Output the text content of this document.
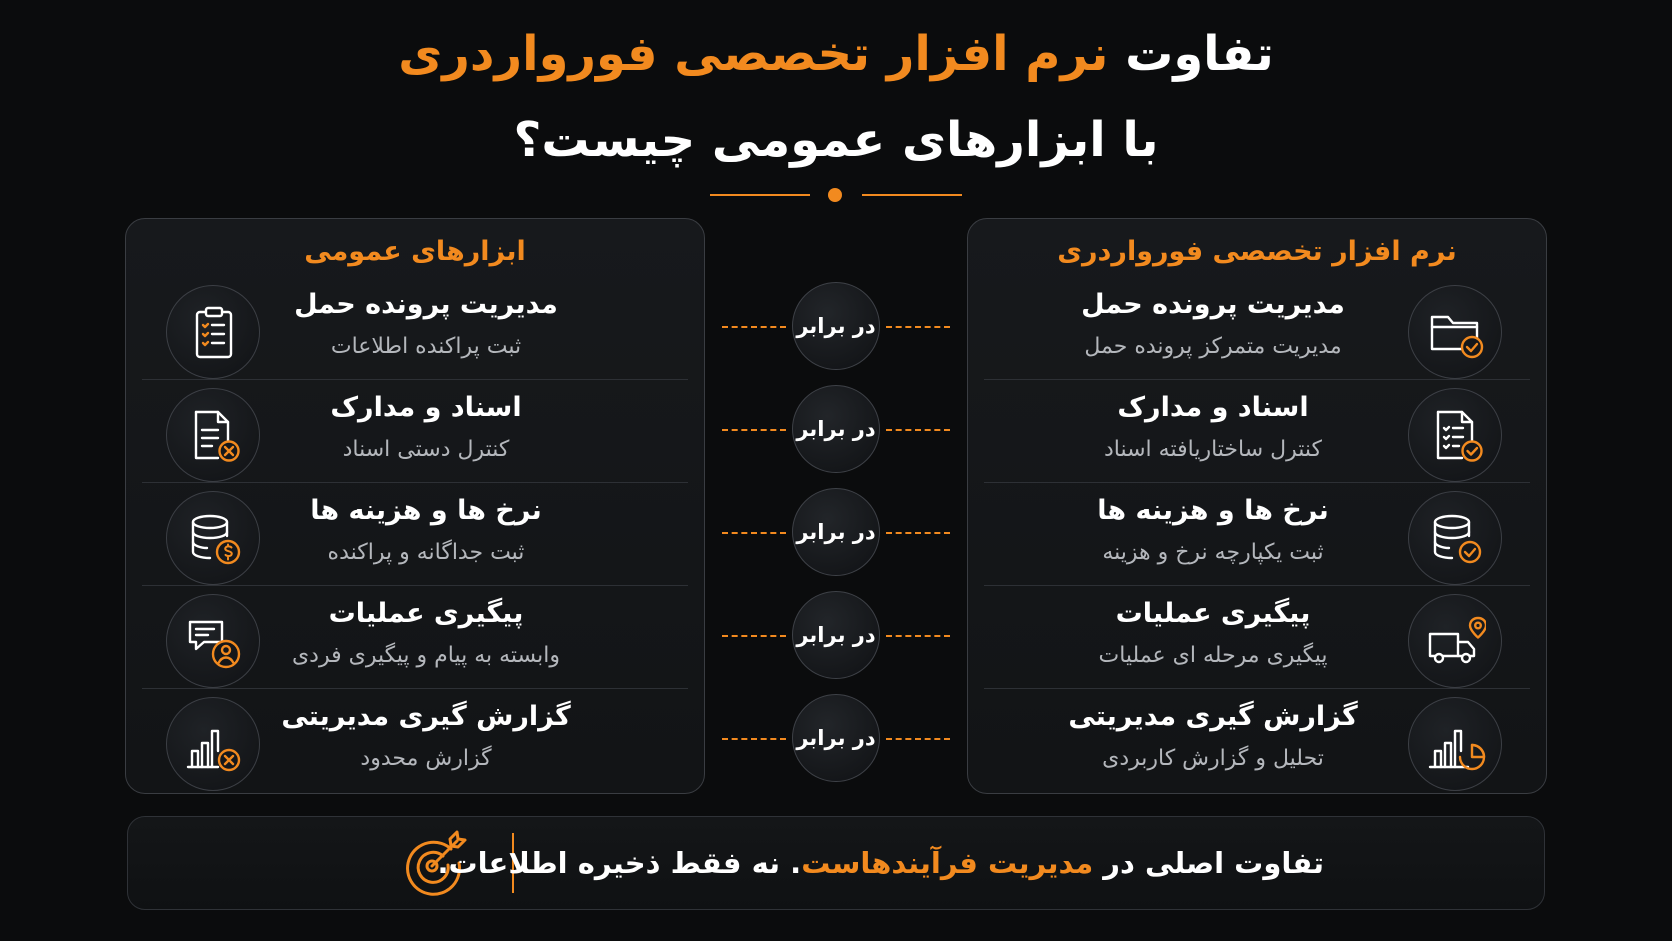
تفاوت نرم افزار تخصصی فورواردری
با ابزارهای عمومی چیست؟
نرم افزار تخصصی فورواردری
مدیریت پرونده حمل
مدیریت متمرکز پرونده حمل
اسناد و مدارک
کنترل ساختاریافته اسناد
نرخ ها و هزینه ها
ثبت یکپارچه نرخ و هزینه
پیگیری عملیات
پیگیری مرحله ای عملیات
گزارش گیری مدیریتی
تحلیل و گزارش کاربردی
ابزارهای عمومی
مدیریت پرونده حمل
ثبت پراکنده اطلاعات
اسناد و مدارک
کنترل دستی اسناد
نرخ ها و هزینه ها
ثبت جداگانه و پراکنده
پیگیری عملیات
وابسته به پیام و پیگیری فردی
گزارش گیری مدیریتی
گزارش محدود
در برابر
در برابر
در برابر
در برابر
در برابر
تفاوت اصلی در مدیریت فرآیندهاست. نه فقط ذخیره اطلاعات.
